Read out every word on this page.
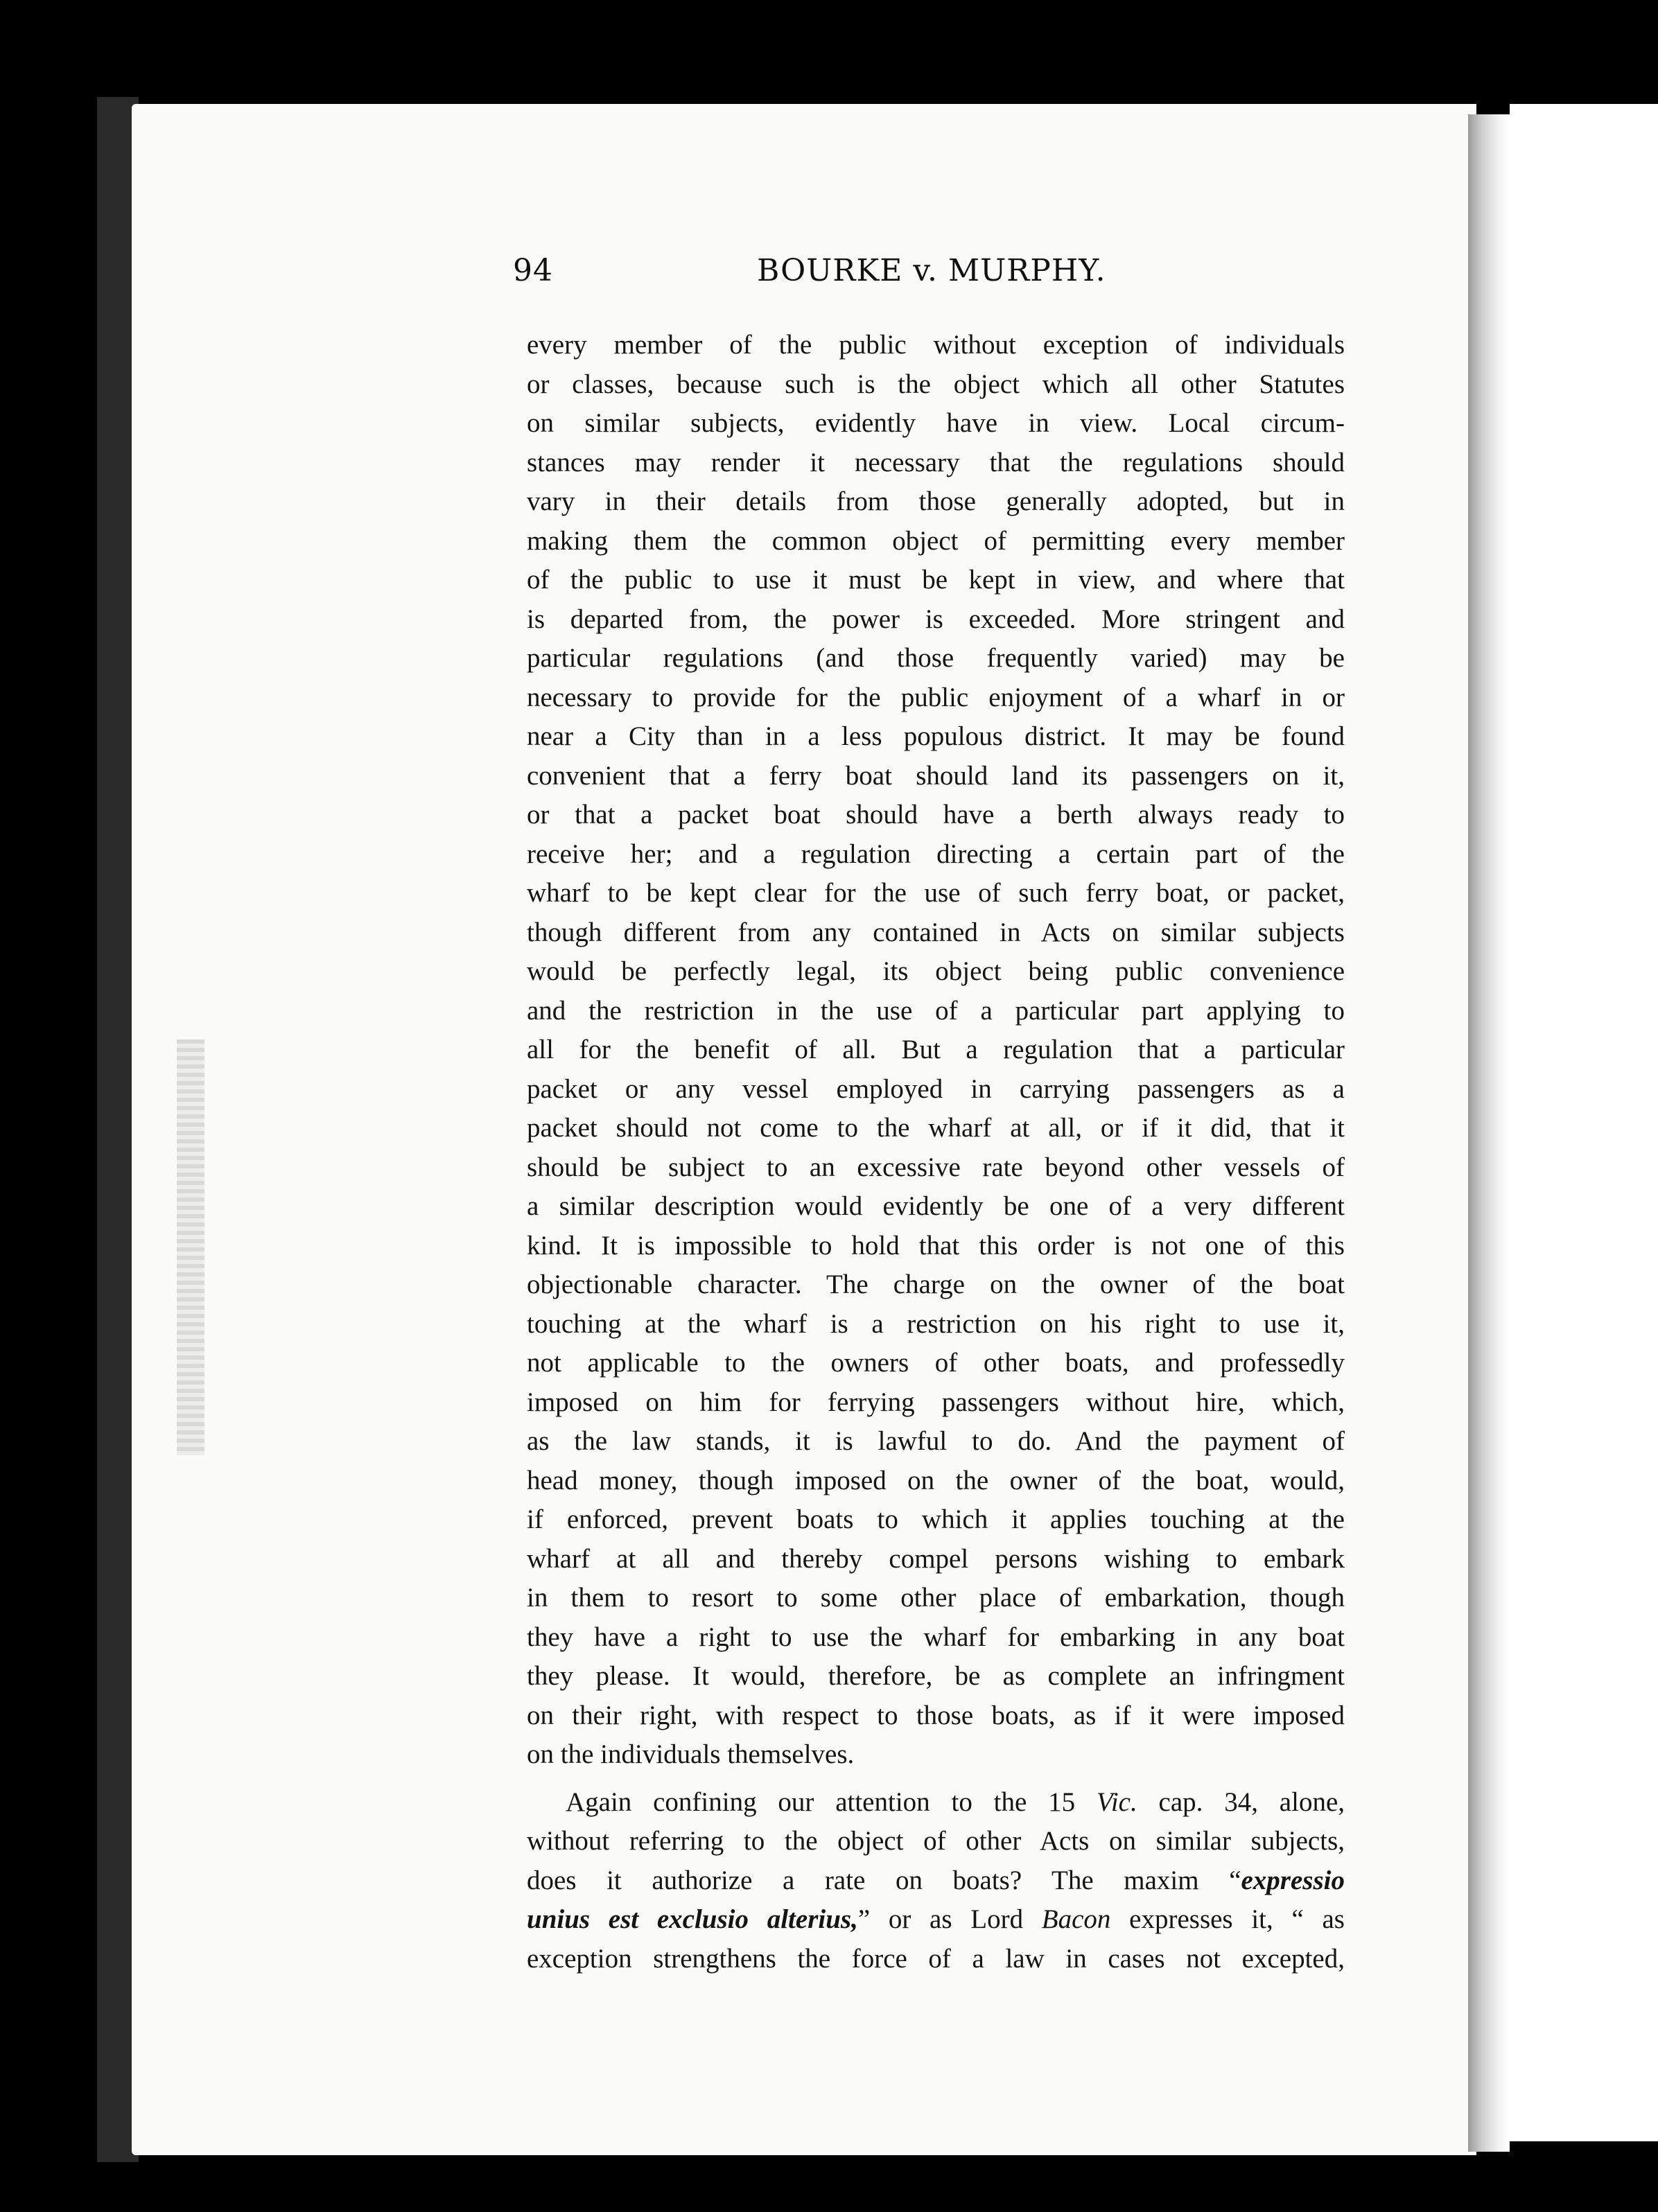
94	BOURKE v. MURPHY.
every member of the public without exception of individuals
or classes, because such is the object which all other Statutes
on similar subjects, evidently have in view. Local circum-
stances may render it necessary that the regulations should
vary in their details from those generally adopted, but in
making them the common object of permitting every member
of the public to use it must be kept in view, and where that
is departed from, the power is exceeded. More stringent and
particular regulations (and those frequently varied) may be
necessary to provide for the public enjoyment of a wharf in or
near a City than in a less populous district. It may be found
convenient that a ferry boat should land its passengers on it,
or that a packet boat should have a berth always ready to
receive her; and a regulation directing a certain part of the
wharf to be kept clear for the use of such ferry boat, or packet,
though different from any contained in Acts on similar subjects
would be perfectly legal, its object being public convenience
and the restriction in the use of a particular part applying to
all for the benefit of all. But a regulation that a particular
packet or any vessel employed in carrying passengers as a
packet should not come to the wharf at all, or if it did, that it
should be subject to an excessive rate beyond other vessels of
a similar description would evidently be one of a very different
kind. It is impossible to hold that this order is not one of this
objectionable character. The charge on the owner of the boat
touching at the wharf is a restriction on his right to use it,
not applicable to the owners of other boats, and professedly
imposed on him for ferrying passengers without hire, which,
as the law stands, it is lawful to do. And the payment of
head money, though imposed on the owner of the boat, would,
if enforced, prevent boats to which it applies touching at the
wharf at all and thereby compel persons wishing to embark
in them to resort to some other place of embarkation, though
they have a right to use the wharf for embarking in any boat
they please. It would, therefore, be as complete an infringment
on their right, with respect to those boats, as if it were imposed
on the individuals themselves.
Again confining our attention to the 15 Vic. cap. 34, alone,
without referring to the object of other Acts on similar subjects,
does it authorize a rate on boats? The maxim “expressio
unius est exclusio alterius,” or as Lord Bacon expresses it, “ as
exception strengthens the force of a law in cases not excepted,
